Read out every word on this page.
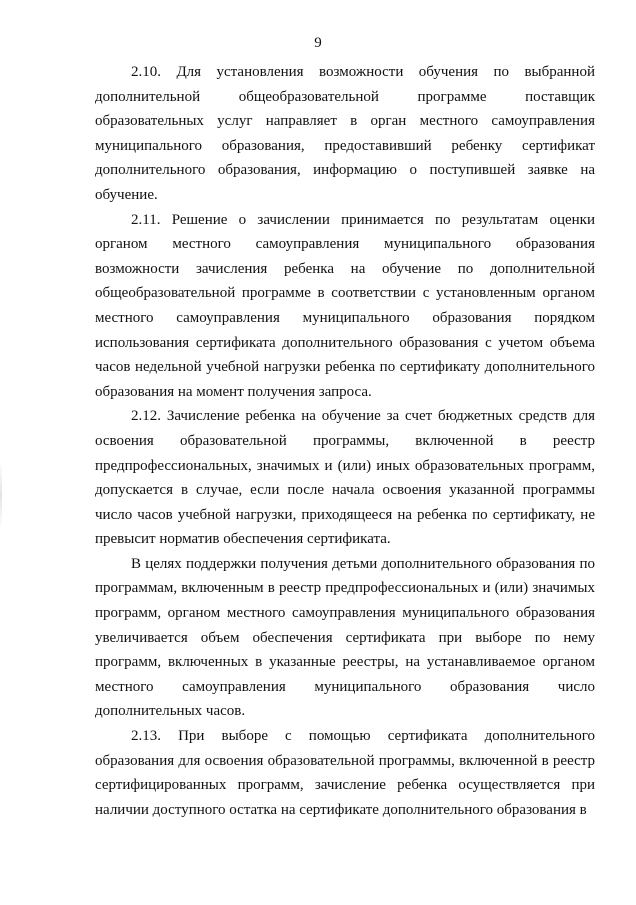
9

2.10. Для установления возможности обучения по выбранной дополнительной общеобразовательной программе поставщик образовательных услуг направляет в орган местного самоуправления муниципального образования, предоставивший ребенку сертификат дополнительного образования, информацию о поступившей заявке на обучение.

2.11. Решение о зачислении принимается по результатам оценки органом местного самоуправления муниципального образования возможности зачисления ребенка на обучение по дополнительной общеобразовательной программе в соответствии с установленным органом местного самоуправления муниципального образования порядком использования сертификата дополнительного образования с учетом объема часов недельной учебной нагрузки ребенка по сертификату дополнительного образования на момент получения запроса.

2.12. Зачисление ребенка на обучение за счет бюджетных средств для освоения образовательной программы, включенной в реестр предпрофессиональных, значимых и (или) иных образовательных программ, допускается в случае, если после начала освоения указанной программы число часов учебной нагрузки, приходящееся на ребенка по сертификату, не превысит норматив обеспечения сертификата.

В целях поддержки получения детьми дополнительного образования по программам, включенным в реестр предпрофессиональных и (или) значимых программ, органом местного самоуправления муниципального образования увеличивается объем обеспечения сертификата при выборе по нему программ, включенных в указанные реестры, на устанавливаемое органом местного самоуправления муниципального образования число дополнительных часов.

2.13. При выборе с помощью сертификата дополнительного образования для освоения образовательной программы, включенной в реестр сертифицированных программ, зачисление ребенка осуществляется при наличии доступного остатка на сертификате дополнительного образования в
